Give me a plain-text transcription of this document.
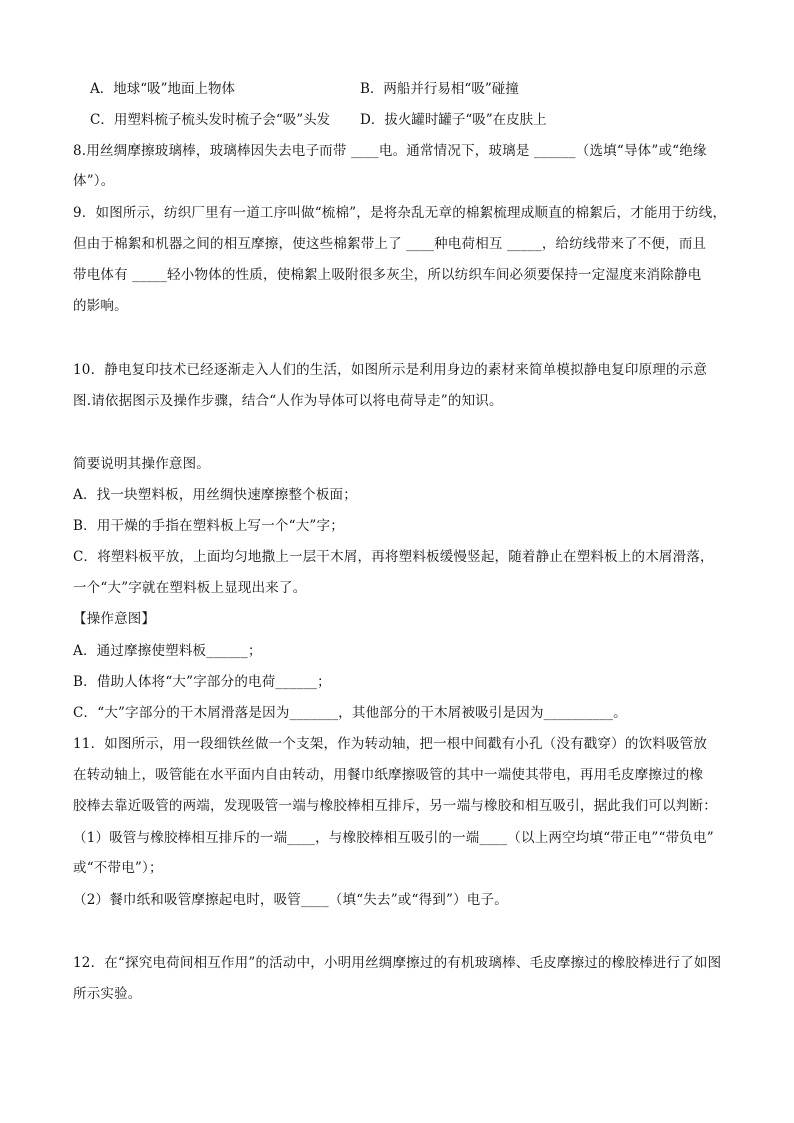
A．地球“吸”地面上物体	B．两船并行易相“吸”碰撞
C．用塑料梳子梳头发时梳子会“吸”头发 D．拔火罐时罐子“吸”在皮肤上
8.用丝绸摩擦玻璃棒，玻璃棒因失去电子而带 ____电。通常情况下，玻璃是 ______（选填“导体”或“绝缘
体”）。
9．如图所示，纺织厂里有一道工序叫做“梳棉”，是将杂乱无章的棉絮梳理成顺直的棉絮后，才能用于纺线，
但由于棉絮和机器之间的相互摩擦，使这些棉絮带上了 ____种电荷相互 _____，给纺线带来了不便，而且
带电体有 _____轻小物体的性质，使棉絮上吸附很多灰尘，所以纺织车间必须要保持一定湿度来消除静电
的影响。
10．静电复印技术已经逐渐走入人们的生活，如图所示是利用身边的素材来简单模拟静电复印原理的示意
图.请依据图示及操作步骤，结合“人作为导体可以将电荷导走”的知识。
简要说明其操作意图。
A．找一块塑料板，用丝绸快速摩擦整个板面；
B．用干燥的手指在塑料板上写一个“大”字；
C．将塑料板平放，上面均匀地撒上一层干木屑，再将塑料板缓慢竖起，随着静止在塑料板上的木屑滑落，
一个“大”字就在塑料板上显现出来了。
【操作意图】
A．通过摩擦使塑料板______；
B．借助人体将“大”字部分的电荷______；
C．“大”字部分的干木屑滑落是因为_______，其他部分的干木屑被吸引是因为__________。
11．如图所示，用一段细铁丝做一个支架，作为转动轴，把一根中间戳有小孔（没有戳穿）的饮料吸管放
在转动轴上，吸管能在水平面内自由转动，用餐巾纸摩擦吸管的其中一端使其带电，再用毛皮摩擦过的橡
胶棒去靠近吸管的两端，发现吸管一端与橡胶棒相互排斥，另一端与橡胶和相互吸引，据此我们可以判断：
（1）吸管与橡胶棒相互排斥的一端____，与橡胶棒相互吸引的一端____（以上两空均填“带正电”“带负电”
或“不带电”）；
（2）餐巾纸和吸管摩擦起电时，吸管____（填“失去”或“得到”）电子。
12．在“探究电荷间相互作用”的活动中，小明用丝绸摩擦过的有机玻璃棒、毛皮摩擦过的橡胶棒进行了如图
所示实验。
